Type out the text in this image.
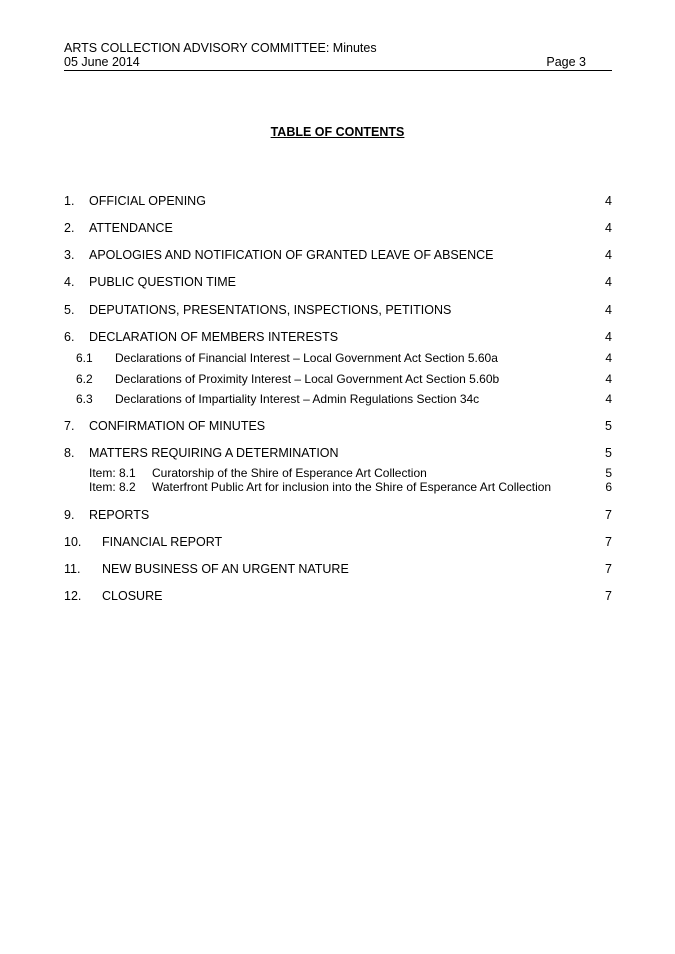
ARTS COLLECTION ADVISORY COMMITTEE: Minutes
05 June 2014	Page 3
TABLE OF CONTENTS
1. OFFICIAL OPENING	4
2. ATTENDANCE	4
3. APOLOGIES AND NOTIFICATION OF GRANTED LEAVE OF ABSENCE	4
4. PUBLIC QUESTION TIME	4
5. DEPUTATIONS, PRESENTATIONS, INSPECTIONS, PETITIONS	4
6. DECLARATION OF MEMBERS INTERESTS	4
6.1 Declarations of Financial Interest – Local Government Act Section 5.60a	4
6.2 Declarations of Proximity Interest – Local Government Act Section 5.60b	4
6.3 Declarations of Impartiality Interest – Admin Regulations Section 34c	4
7. CONFIRMATION OF MINUTES	5
8. MATTERS REQUIRING A DETERMINATION	5
Item: 8.1 Curatorship of the Shire of Esperance Art Collection	5
Item: 8.2 Waterfront Public Art for inclusion into the Shire of Esperance Art Collection	6
9. REPORTS	7
10. FINANCIAL REPORT	7
11. NEW BUSINESS OF AN URGENT NATURE	7
12. CLOSURE	7
